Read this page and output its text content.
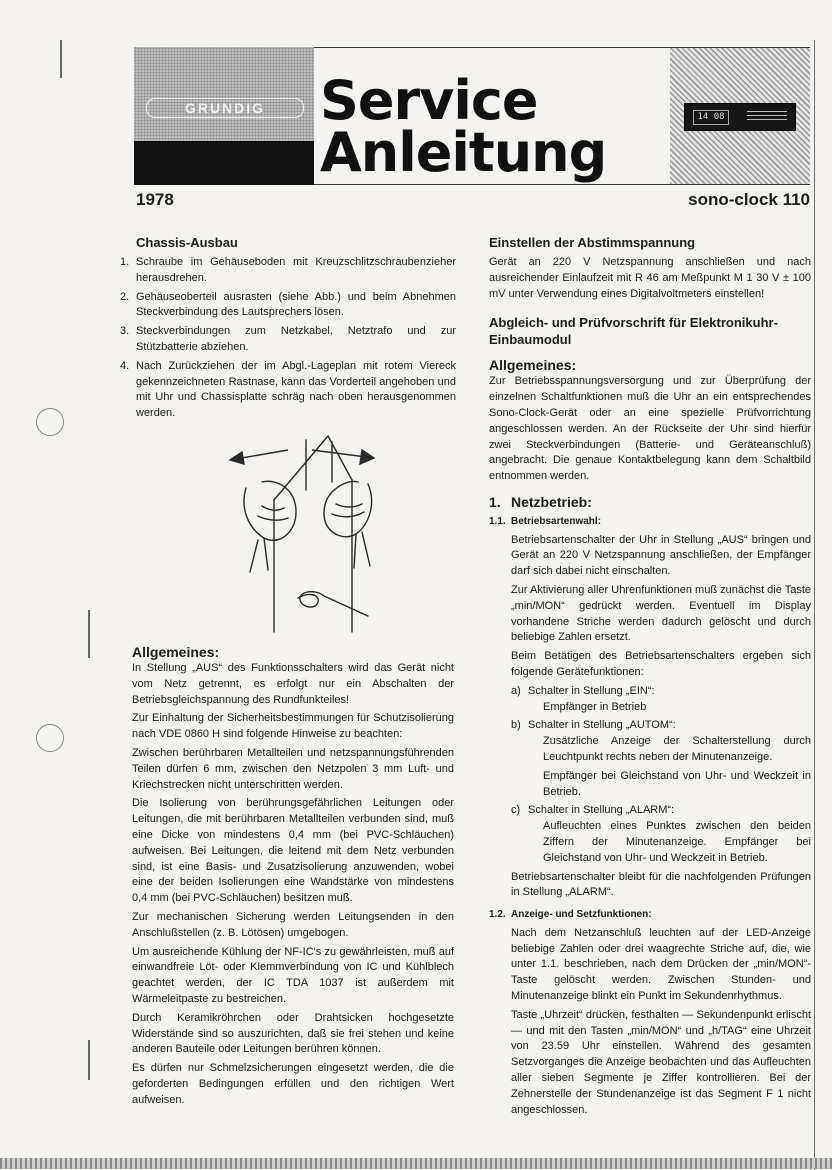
GRUNDIG	Service
Anleitung
14 08
1978	sono-clock 110
Chassis-Ausbau
1. Schraube im Gehäuseboden mit Kreuzschlitzschraubenzieher herausdrehen.
2. Gehäuseoberteil ausrasten (siehe Abb.) und beim Abnehmen Steckverbindung des Lautsprechers lösen.
3. Steckverbindungen zum Netzkabel, Netztrafo und zur Stützbatterie abziehen.
4. Nach Zurückziehen der im Abgl.-Lageplan mit rotem Viereck gekennzeichneten Rastnase, kann das Vorderteil angehoben und mit Uhr und Chassisplatte schräg nach oben herausgenommen werden.
Allgemeines:

In Stellung „AUS“ des Funktionsschalters wird das Gerät nicht vom Netz getrennt, es erfolgt nur ein Abschalten der Betriebsgleichspannung des Rundfunkteiles!

Zur Einhaltung der Sicherheitsbestimmungen für Schutzisolierung nach VDE 0860 H sind folgende Hinweise zu beachten:

Zwischen berührbaren Metallteilen und netzspannungsführenden Teilen dürfen 6 mm, zwischen den Netzpolen 3 mm Luft- und Kriechstrecken nicht unterschritten werden.

Die Isolierung von berührungsgefährlichen Leitungen oder Leitungen, die mit berührbaren Metallteilen verbunden sind, muß eine Dicke von mindestens 0,4 mm (bei PVC-Schläuchen) aufweisen. Bei Leitungen, die leitend mit dem Netz verbunden sind, ist eine Basis- und Zusatzisolierung anzuwenden, wobei eine der beiden Isolierungen eine Wandstärke von mindestens 0,4 mm (bei PVC-Schläuchen) besitzen muß.

Zur mechanischen Sicherung werden Leitungsenden in den Anschlußstellen (z. B. Lötösen) umgebogen.

Um ausreichende Kühlung der NF-IC's zu gewährleisten, muß auf einwandfreie Löt- oder Klemmverbindung von IC und Kühlblech geachtet werden, der IC TDA 1037 ist außerdem mit Wärmeleitpaste zu bestreichen.

Durch Keramikröhrchen oder Drahtsicken hochgesetzte Widerstände sind so auszurichten, daß sie frei stehen und keine anderen Bauteile oder Leitungen berühren können.

Es dürfen nur Schmelzsicherungen eingesetzt werden, die die geforderten Bedingungen erfüllen und den richtigen Wert aufweisen.

Einstellen der Abstimmspannung

Gerät an 220 V Netzspannung anschließen und nach ausreichender Einlaufzeit mit R 46 am Meßpunkt M 1 30 V ± 100 mV unter Verwendung eines Digitalvoltmeters einstellen!

Abgleich- und Prüfvorschrift für Elektronikuhr-Einbaumodul
Allgemeines:

Zur Betriebsspannungsversorgung und zur Überprüfung der einzelnen Schaltfunktionen muß die Uhr an ein entsprechendes Sono-Clock-Gerät oder an eine spezielle Prüfvorrichtung angeschlossen werden. An der Rückseite der Uhr sind hierfür zwei Steckverbindungen (Batterie- und Geräteanschluß) angebracht. Die genaue Kontaktbelegung kann dem Schaltbild entnommen werden.

1. Netzbetrieb:
1.1. Betriebsartenwahl:

Betriebsartenschalter der Uhr in Stellung „AUS“ bringen und Gerät an 220 V Netzspannung anschließen, der Empfänger darf sich dabei nicht einschalten.

Zur Aktivierung aller Uhrenfunktionen muß zunächst die Taste „min/MON“ gedrückt werden. Eventuell im Display vorhandene Striche werden dadurch gelöscht und durch beliebige Zahlen ersetzt.

Beim Betätigen des Betriebsartenschalters ergeben sich folgende Gerätefunktionen:

a) Schalter in Stellung „EIN“:

Empfänger in Betrieb

b) Schalter in Stellung „AUTOM“:

Zusätzliche Anzeige der Schalterstellung durch Leuchtpunkt rechts neben der Minutenanzeige.

Empfänger bei Gleichstand von Uhr- und Weckzeit in Betrieb.

c) Schalter in Stellung „ALARM“:

Aufleuchten eines Punktes zwischen den beiden Ziffern der Minutenanzeige. Empfänger bei Gleichstand von Uhr- und Weckzeit in Betrieb.

Betriebsartenschalter bleibt für die nachfolgenden Prüfungen in Stellung „ALARM“.

1.2. Anzeige- und Setzfunktionen:

Nach dem Netzanschluß leuchten auf der LED-Anzeige beliebige Zahlen oder drei waagrechte Striche auf, die, wie unter 1.1. beschrieben, nach dem Drücken der „min/MON“-Taste gelöscht werden. Zwischen Stunden- und Minutenanzeige blinkt ein Punkt im Sekundenrhythmus.

Taste „Uhrzeit“ drücken, festhalten — Sekundenpunkt erlischt — und mit den Tasten „min/MON“ und „h/TAG“ eine Uhrzeit von 23.59 Uhr einstellen. Während des gesamten Setzvorganges die Anzeige beobachten und das Aufleuchten aller sieben Segmente je Ziffer kontrollieren. Bei der Zehnerstelle der Stundenanzeige ist das Segment F 1 nicht angeschlossen.
